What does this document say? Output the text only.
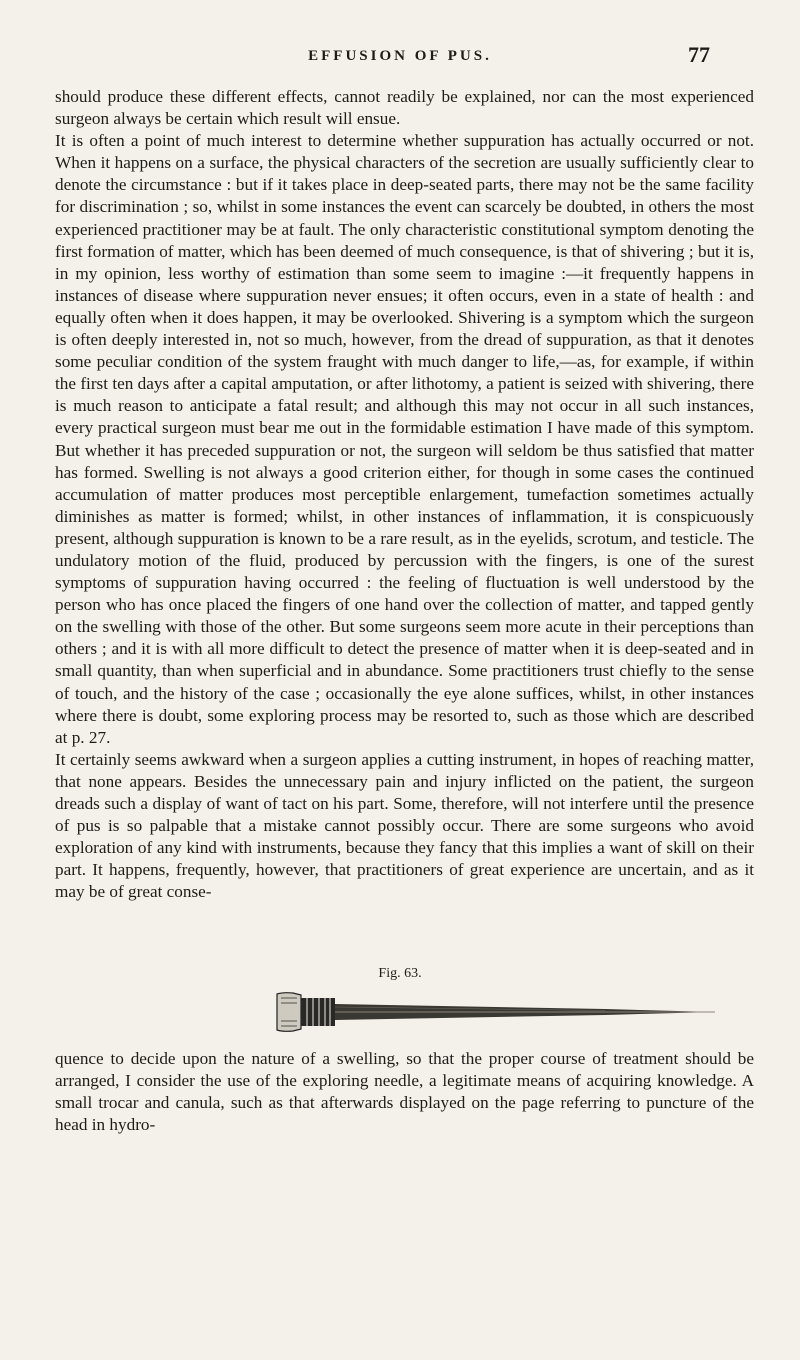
EFFUSION OF PUS.	77

should produce these different effects, cannot readily be explained, nor can the most experienced surgeon always be certain which result will ensue.

It is often a point of much interest to determine whether suppuration has actually occurred or not. When it happens on a surface, the physical characters of the secretion are usually sufficiently clear to denote the circumstance : but if it takes place in deep-seated parts, there may not be the same facility for discrimination ; so, whilst in some instances the event can scarcely be doubted, in others the most experienced practitioner may be at fault. The only characteristic constitutional symptom denoting the first formation of matter, which has been deemed of much consequence, is that of shivering ; but it is, in my opinion, less worthy of estimation than some seem to imagine :—it frequently happens in instances of disease where suppuration never ensues; it often occurs, even in a state of health : and equally often when it does happen, it may be overlooked. Shivering is a symptom which the surgeon is often deeply interested in, not so much, however, from the dread of suppuration, as that it denotes some peculiar condition of the system fraught with much danger to life,—as, for example, if within the first ten days after a capital amputation, or after lithotomy, a patient is seized with shivering, there is much reason to anticipate a fatal result; and although this may not occur in all such instances, every practical surgeon must bear me out in the formidable estimation I have made of this symptom. But whether it has preceded suppuration or not, the surgeon will seldom be thus satisfied that matter has formed. Swelling is not always a good criterion either, for though in some cases the continued accumulation of matter produces most perceptible enlargement, tumefaction sometimes actually diminishes as matter is formed; whilst, in other instances of inflammation, it is conspicuously present, although suppuration is known to be a rare result, as in the eyelids, scrotum, and testicle. The undulatory motion of the fluid, produced by percussion with the fingers, is one of the surest symptoms of suppuration having occurred : the feeling of fluctuation is well understood by the person who has once placed the fingers of one hand over the collection of matter, and tapped gently on the swelling with those of the other. But some surgeons seem more acute in their perceptions than others ; and it is with all more difficult to detect the presence of matter when it is deep-seated and in small quantity, than when superficial and in abundance. Some practitioners trust chiefly to the sense of touch, and the history of the case ; occasionally the eye alone suffices, whilst, in other instances where there is doubt, some exploring process may be resorted to, such as those which are described at p. 27.

It certainly seems awkward when a surgeon applies a cutting instrument, in hopes of reaching matter, that none appears. Besides the unnecessary pain and injury inflicted on the patient, the surgeon dreads such a display of want of tact on his part. Some, therefore, will not interfere until the presence of pus is so palpable that a mistake cannot possibly occur. There are some surgeons who avoid exploration of any kind with instruments, because they fancy that this implies a want of skill on their part. It happens, frequently, however, that practitioners of great experience are uncertain, and as it may be of great conse-

Fig. 63.

quence to decide upon the nature of a swelling, so that the proper course of treatment should be arranged, I consider the use of the exploring needle, a legitimate means of acquiring knowledge. A small trocar and canula, such as that afterwards displayed on the page referring to puncture of the head in hydro-
